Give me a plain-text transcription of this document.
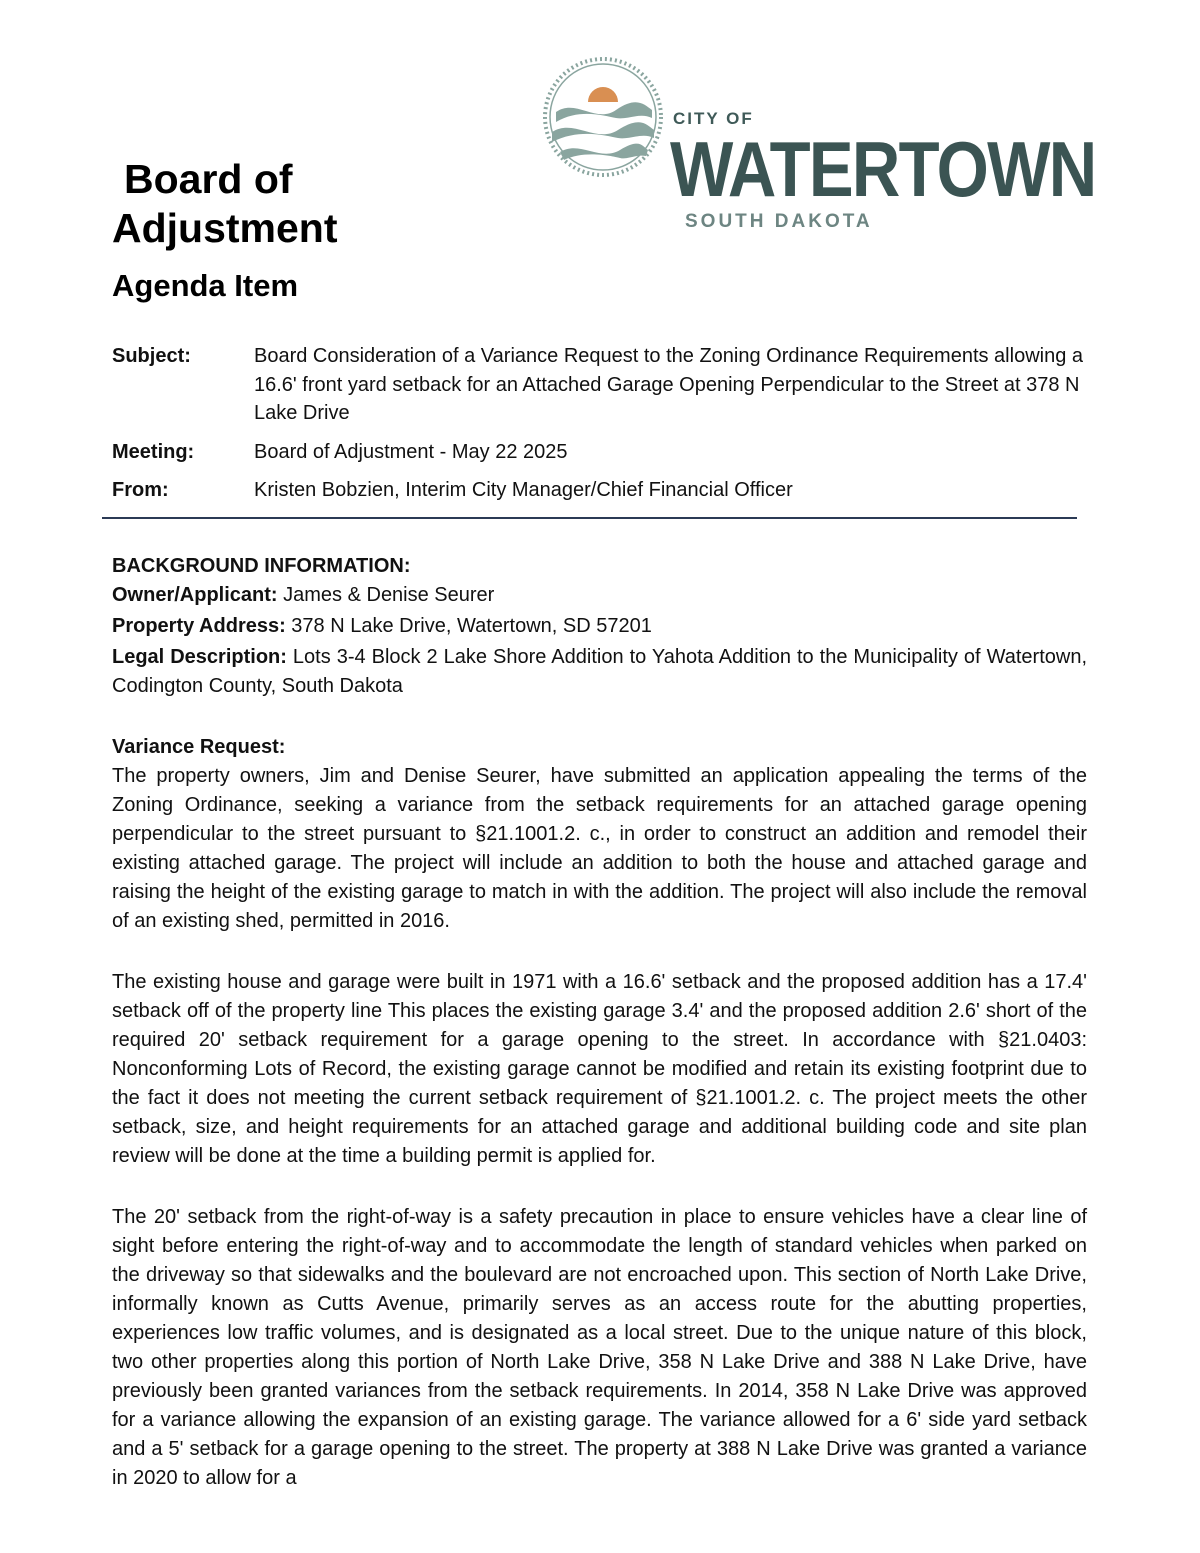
CITY OF
WATERTOWN
SOUTH DAKOTA
Board of
Adjustment
Agenda Item
Subject:	Board Consideration of a Variance Request to the Zoning Ordinance Requirements allowing a 16.6' front yard setback for an Attached Garage Opening Perpendicular to the Street at 378 N Lake Drive
Meeting:	Board of Adjustment - May 22 2025
From:	Kristen Bobzien, Interim City Manager/Chief Financial Officer

BACKGROUND INFORMATION:

Owner/Applicant: James & Denise Seurer

Property Address: 378 N Lake Drive, Watertown, SD 57201

Legal Description: Lots 3-4 Block 2 Lake Shore Addition to Yahota Addition to the Municipality of Watertown, Codington County, South Dakota

Variance Request:

The property owners, Jim and Denise Seurer, have submitted an application appealing the terms of the Zoning Ordinance, seeking a variance from the setback requirements for an attached garage opening perpendicular to the street pursuant to §21.1001.2. c., in order to construct an addition and remodel their existing attached garage. The project will include an addition to both the house and attached garage and raising the height of the existing garage to match in with the addition. The project will also include the removal of an existing shed, permitted in 2016.

The existing house and garage were built in 1971 with a 16.6' setback and the proposed addition has a 17.4' setback off of the property line This places the existing garage 3.4' and the proposed addition 2.6' short of the required 20' setback requirement for a garage opening to the street. In accordance with §21.0403: Nonconforming Lots of Record, the existing garage cannot be modified and retain its existing footprint due to the fact it does not meeting the current setback requirement of §21.1001.2. c. The project meets the other setback, size, and height requirements for an attached garage and additional building code and site plan review will be done at the time a building permit is applied for.

The 20' setback from the right-of-way is a safety precaution in place to ensure vehicles have a clear line of sight before entering the right-of-way and to accommodate the length of standard vehicles when parked on the driveway so that sidewalks and the boulevard are not encroached upon. This section of North Lake Drive, informally known as Cutts Avenue, primarily serves as an access route for the abutting properties, experiences low traffic volumes, and is designated as a local street. Due to the unique nature of this block, two other properties along this portion of North Lake Drive, 358 N Lake Drive and 388 N Lake Drive, have previously been granted variances from the setback requirements. In 2014, 358 N Lake Drive was approved for a variance allowing the expansion of an existing garage. The variance allowed for a 6' side yard setback and a 5' setback for a garage opening to the street. The property at 388 N Lake Drive was granted a variance in 2020 to allow for a
